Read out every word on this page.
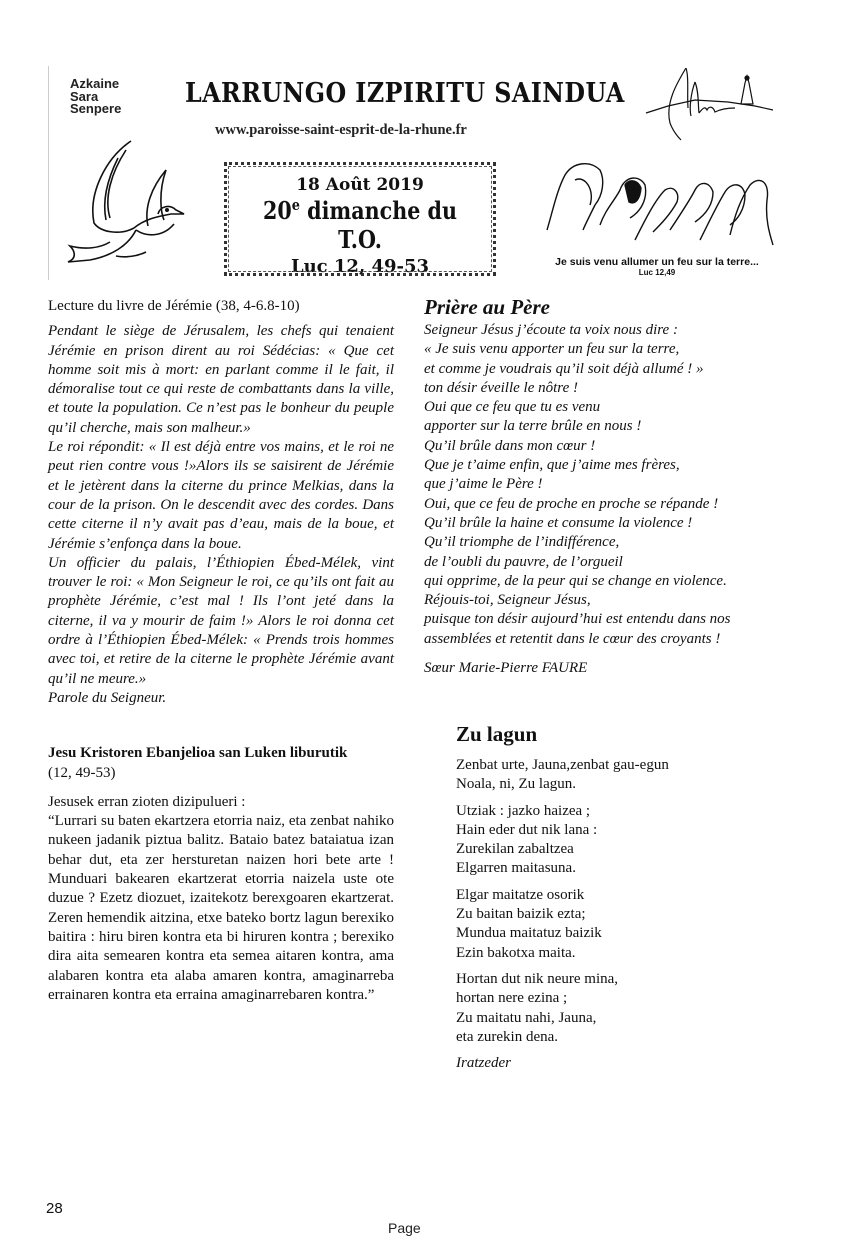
Azkaine
Sara
Senpere LARRUNGO IZPIRITU SAINDUA
www.paroisse-saint-esprit-de-la-rhune.fr
18 Août 2019
20e dimanche du T.O.
Luc 12, 49-53	Je suis venu allumer un feu sur la terre...
Luc 12,49

Lecture du livre de Jérémie (38, 4-6.8-10)

Pendant le siège de Jérusalem, les chefs qui tenaient Jérémie en prison dirent au roi Sédécias: « Que cet homme soit mis à mort: en parlant comme il le fait, il démoralise tout ce qui reste de combattants dans la ville, et toute la population. Ce n’est pas le bonheur du peuple qu’il cherche, mais son malheur.»

Le roi répondit: « Il est déjà entre vos mains, et le roi ne peut rien contre vous !»Alors ils se saisirent de Jérémie et le jetèrent dans la citerne du prince Melkias, dans la cour de la prison. On le descendit avec des cordes. Dans cette citerne il n’y avait pas d’eau, mais de la boue, et Jérémie s’enfonça dans la boue.

Un officier du palais, l’Éthiopien Ébed-Mélek, vint trouver le roi: « Mon Seigneur le roi, ce qu’ils ont fait au prophète Jérémie, c’est mal ! Ils l’ont jeté dans la citerne, il va y mourir de faim !» Alors le roi donna cet ordre à l’Éthiopien Ébed-Mélek: « Prends trois hommes avec toi, et retire de la citerne le prophète Jérémie avant qu’il ne meure.»

Parole du Seigneur.

Jesu Kristoren Ebanjelioa san Luken liburutik

(12, 49-53)

Jesusek erran zioten dizipulueri :

“Lurrari su baten ekartzera etorria naiz, eta zenbat nahiko nukeen jadanik piztua balitz. Bataio batez bataiatua izan behar dut, eta zer hersturetan naizen hori bete arte ! Munduari bakearen ekartzerat etorria naizela uste ote duzue ? Ezetz diozuet, izaitekotz berexgoaren ekartzerat. Zeren hemendik aitzina, etxe bateko bortz lagun berexiko baitira : hiru biren kontra eta bi hiruren kontra ; berexiko dira aita semearen kontra eta semea aitaren kontra, ama alabaren kontra eta alaba amaren kontra, amaginarreba errainaren kontra eta erraina amaginarrebaren kontra.”

Prière au Père
Seigneur Jésus j’écoute ta voix nous dire :
« Je suis venu apporter un feu sur la terre,
et comme je voudrais qu’il soit déjà allumé ! »
ton désir éveille le nôtre !
Oui que ce feu que tu es venu
apporter sur la terre brûle en nous !
Qu’il brûle dans mon cœur !
Que je t’aime enfin, que j’aime mes frères,
que j’aime le Père !
Oui, que ce feu de proche en proche se répande !
Qu’il brûle la haine et consume la violence !
Qu’il triomphe de l’indifférence,
de l’oubli du pauvre, de l’orgueil
qui opprime, de la peur qui se change en violence.
Réjouis-toi, Seigneur Jésus,
puisque ton désir aujourd’hui est entendu dans nos
assemblées et retentit dans le cœur des croyants !
Sœur Marie-Pierre FAURE
Zu lagun
Zenbat urte, Jauna,zenbat gau-egun
Noala, ni, Zu lagun.
Utziak : jazko haizea ;
Hain eder dut nik lana :
Zurekilan zabaltzea
Elgarren maitasuna.
Elgar maitatze osorik
Zu baitan baizik ezta;
Mundua maitatuz baizik
Ezin bakotxa maita.
Hortan dut nik neure mina,
hortan nere ezina ;
Zu maitatu nahi, Jauna,
eta zurekin dena.
Iratzeder
28
Page
